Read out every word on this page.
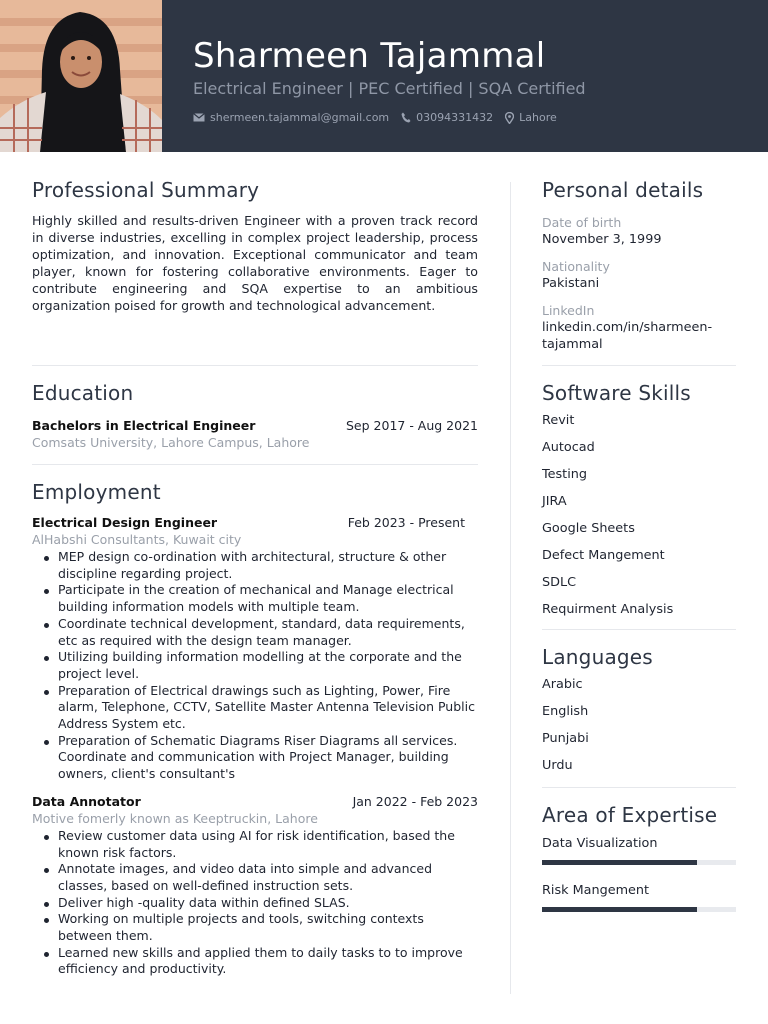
Sharmeen Tajammal
Electrical Engineer | PEC Certified | SQA Certified
shermeen.tajammal@gmail.com 03094331432 Lahore
Professional Summary

Highly skilled and results-driven Engineer with a proven track record in diverse industries, excelling in complex project leadership, process optimization, and innovation. Exceptional communicator and team player, known for fostering collaborative environments. Eager to contribute engineering and SQA expertise to an ambitious organization poised for growth and technological advancement.

Education
Bachelors in Electrical Engineer	Sep 2017 - Aug 2021
Comsats University, Lahore Campus, Lahore
Employment
Electrical Design Engineer	Feb 2023 - Present
AlHabshi Consultants, Kuwait city
MEP design co-ordination with architectural, structure & other discipline regarding project.
Participate in the creation of mechanical and Manage electrical building information models with multiple team.
Coordinate technical development, standard, data requirements, etc as required with the design team manager.
Utilizing building information modelling at the corporate and the project level.
Preparation of Electrical drawings such as Lighting, Power, Fire alarm, Telephone, CCTV, Satellite Master Antenna Television Public Address System etc.
Preparation of Schematic Diagrams Riser Diagrams all services. Coordinate and communication with Project Manager, building owners, client's consultant's
Data Annotator	Jan 2022 - Feb 2023
Motive fomerly known as Keeptruckin, Lahore
Review customer data using AI for risk identification, based the known risk factors.
Annotate images, and video data into simple and advanced classes, based on well-defined instruction sets.
Deliver high -quality data within defined SLAS.
Working on multiple projects and tools, switching contexts between them.
Learned new skills and applied them to daily tasks to to improve efficiency and productivity.
Personal details
Date of birth
November 3, 1999
Nationality
Pakistani
LinkedIn
linkedin.com/in/sharmeen-tajammal
Software Skills
Revit
Autocad
Testing
JIRA
Google Sheets
Defect Mangement
SDLC
Requirment Analysis
Languages
Arabic
English
Punjabi
Urdu
Area of Expertise
Data Visualization
Risk Mangement
